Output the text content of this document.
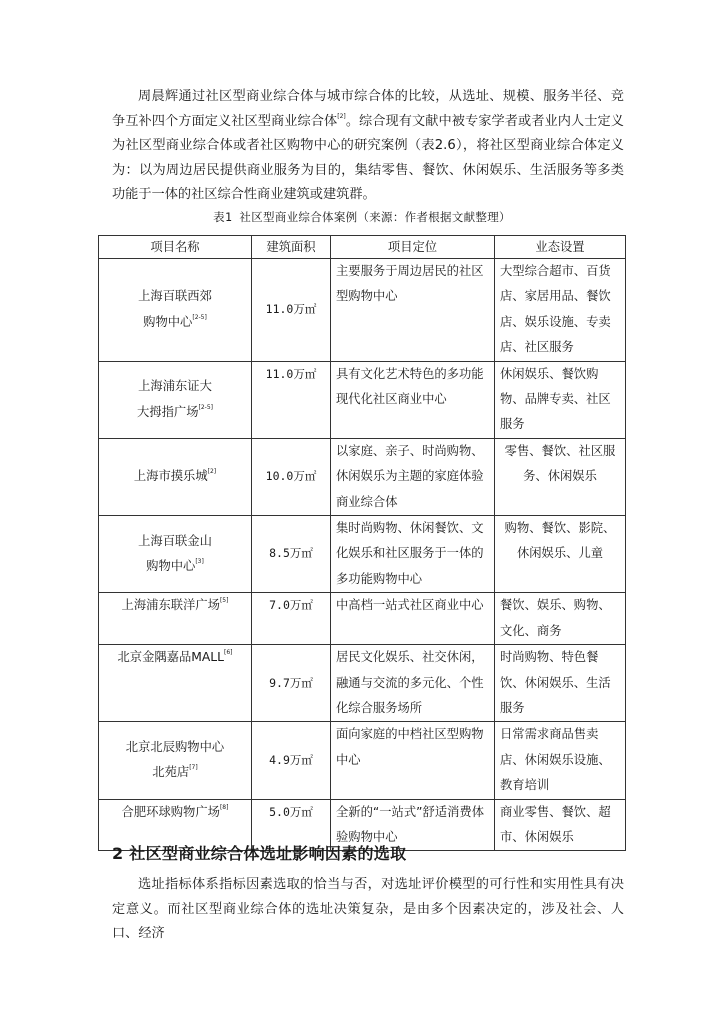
周晨辉通过社区型商业综合体与城市综合体的比较，从选址、规模、服务半径、竞争互补四个方面定义社区型商业综合体[2]。综合现有文献中被专家学者或者业内人士定义为社区型商业综合体或者社区购物中心的研究案例（表2.6），将社区型商业综合体定义为：以为周边居民提供商业服务为目的，集结零售、餐饮、休闲娱乐、生活服务等多类功能于一体的社区综合性商业建筑或建筑群。

表1 社区型商业综合体案例（来源：作者根据文献整理）

项目名称	建筑面积	项目定位	业态设置
上海百联西郊
购物中心[2-5]	11.0万㎡	主要服务于周边居民的社区型购物中心	大型综合超市、百货店、家居用品、餐饮店、娱乐设施、专卖店、社区服务
上海浦东证大
大拇指广场[2-5]	11.0万㎡	具有文化艺术特色的多功能现代化社区商业中心	休闲娱乐、餐饮购物、品牌专卖、社区服务
上海市摸乐城[2]	10.0万㎡	以家庭、亲子、时尚购物、休闲娱乐为主题的家庭体验商业综合体	零售、餐饮、社区服务、休闲娱乐
上海百联金山
购物中心[3]	8.5万㎡	集时尚购物、休闲餐饮、文化娱乐和社区服务于一体的多功能购物中心	购物、餐饮、影院、休闲娱乐、儿童
上海浦东联洋广场[5]	7.0万㎡	中高档一站式社区商业中心	餐饮、娱乐、购物、文化、商务
北京金隅嘉品MALL[6]	9.7万㎡	居民文化娱乐、社交休闲，融通与交流的多元化、个性化综合服务场所	时尚购物、特色餐饮、休闲娱乐、生活服务
北京北辰购物中心
北苑店[7]	4.9万㎡	面向家庭的中档社区型购物中心	日常需求商品售卖店、休闲娱乐设施、教育培训
合肥环球购物广场[8]	5.0万㎡	全新的“一站式”舒适消费体验购物中心	商业零售、餐饮、超市、休闲娱乐
2 社区型商业综合体选址影响因素的选取

选址指标体系指标因素选取的恰当与否，对选址评价模型的可行性和实用性具有决定意义。而社区型商业综合体的选址决策复杂，是由多个因素决定的，涉及社会、人口、经济
